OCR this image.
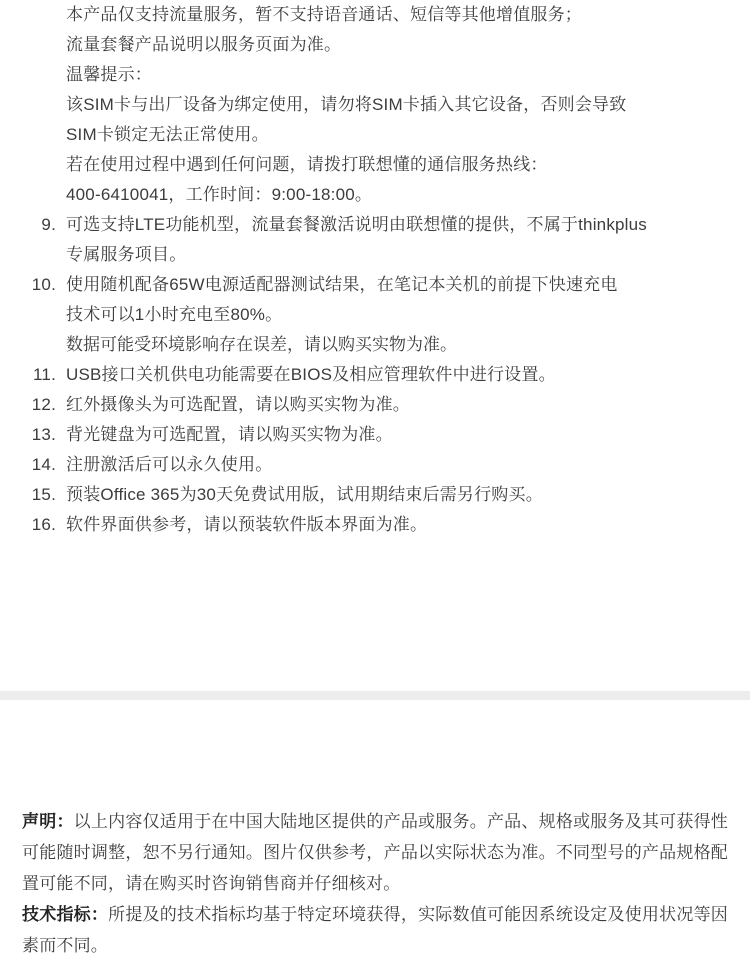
本产品仅支持流量服务，暂不支持语音通话、短信等其他增值服务；
流量套餐产品说明以服务页面为准。
温馨提示：
该SIM卡与出厂设备为绑定使用，请勿将SIM卡插入其它设备，否则会导致
SIM卡锁定无法正常使用。
若在使用过程中遇到任何问题，请拨打联想懂的通信服务热线：
400-6410041，工作时间：9:00-18:00。
9. 可选支持LTE功能机型，流量套餐激活说明由联想懂的提供，不属于thinkplus
专属服务项目。
10. 使用随机配备65W电源适配器测试结果，在笔记本关机的前提下快速充电
技术可以1小时充电至80%。
数据可能受环境影响存在误差，请以购买实物为准。
11. USB接口关机供电功能需要在BIOS及相应管理软件中进行设置。
12. 红外摄像头为可选配置，请以购买实物为准。
13. 背光键盘为可选配置，请以购买实物为准。
14. 注册激活后可以永久使用。
15. 预装Office 365为30天免费试用版，试用期结束后需另行购买。
16. 软件界面供参考，请以预装软件版本界面为准。
声明：以上内容仅适用于在中国大陆地区提供的产品或服务。产品、规格或服务及其可获得性可能随时调整，恕不另行通知。图片仅供参考，产品以实际状态为准。不同型号的产品规格配置可能不同，请在购买时咨询销售商并仔细核对。
技术指标：所提及的技术指标均基于特定环境获得，实际数值可能因系统设定及使用状况等因素而不同。
